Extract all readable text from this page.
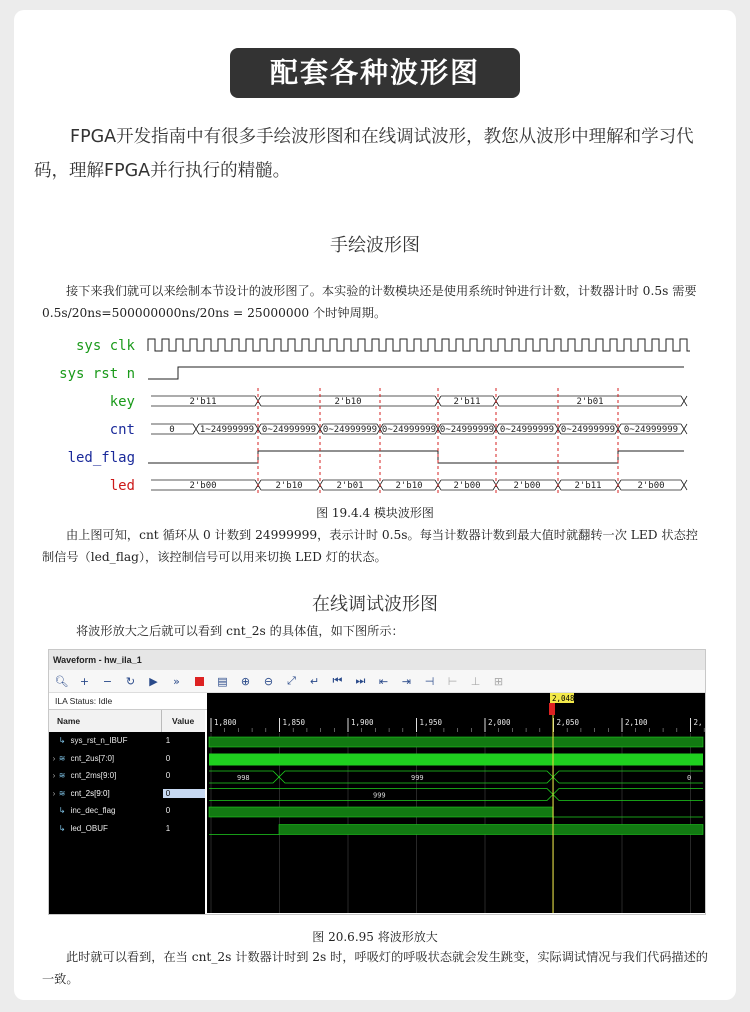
配套各种波形图
FPGA开发指南中有很多手绘波形图和在线调试波形，教您从波形中理解和学习代码，理解FPGA并行执行的精髓。
手绘波形图
接下来我们就可以来绘制本节设计的波形图了。本实验的计数模块还是使用系统时钟进行计数，计数器计时 0.5s 需要 0.5s/20ns=500000000ns/20ns = 25000000 个时钟周期。
sys clk
sys rst n
key
cnt
led_flag
led
2'b11	2'b10	2'b11	2'b01
0	1~24999999 0~24999999 0~24999999 0~24999999 0~24999999 0~24999999 0~24999999 0~24999999
2'b00	2'b10	2'b01	2'b10	2'b00	2'b00	2'b11	2'b00
图 19.4.4 模块波形图
由上图可知，cnt 循环从 0 计数到 24999999，表示计时 0.5s。每当计数器计数到最大值时就翻转一次 LED 状态控制信号（led_flag），该控制信号可以用来切换 LED 灯的状态。
在线调试波形图
将波形放大之后就可以看到 cnt_2s 的具体值，如下图所示：
Waveform - hw_ila_1
🔍︎	+	−	↻	▶	»	▤	⊕	⊖	⤢	↵	⏮	⏭	⇤	⇥	⊣	⊢	⊥	⊞
ILA Status: Idle
Name	Value
↳ sys_rst_n_IBUF	1
› ≋ cnt_2us[7:0]	0
› ≋ cnt_2ms[9:0]	0
› ≋ cnt_2s[9:0]	0
↳ inc_dec_flag	0
↳ led_OBUF	1
1,800	1,850	1,900	1,950	2,000	2,050	2,100	2,
998	999	0
999
2,048
图 20.6.95 将波形放大
此时就可以看到，在当 cnt_2s 计数器计时到 2s 时，呼吸灯的呼吸状态就会发生跳变，实际调试情况与我们代码描述的一致。
